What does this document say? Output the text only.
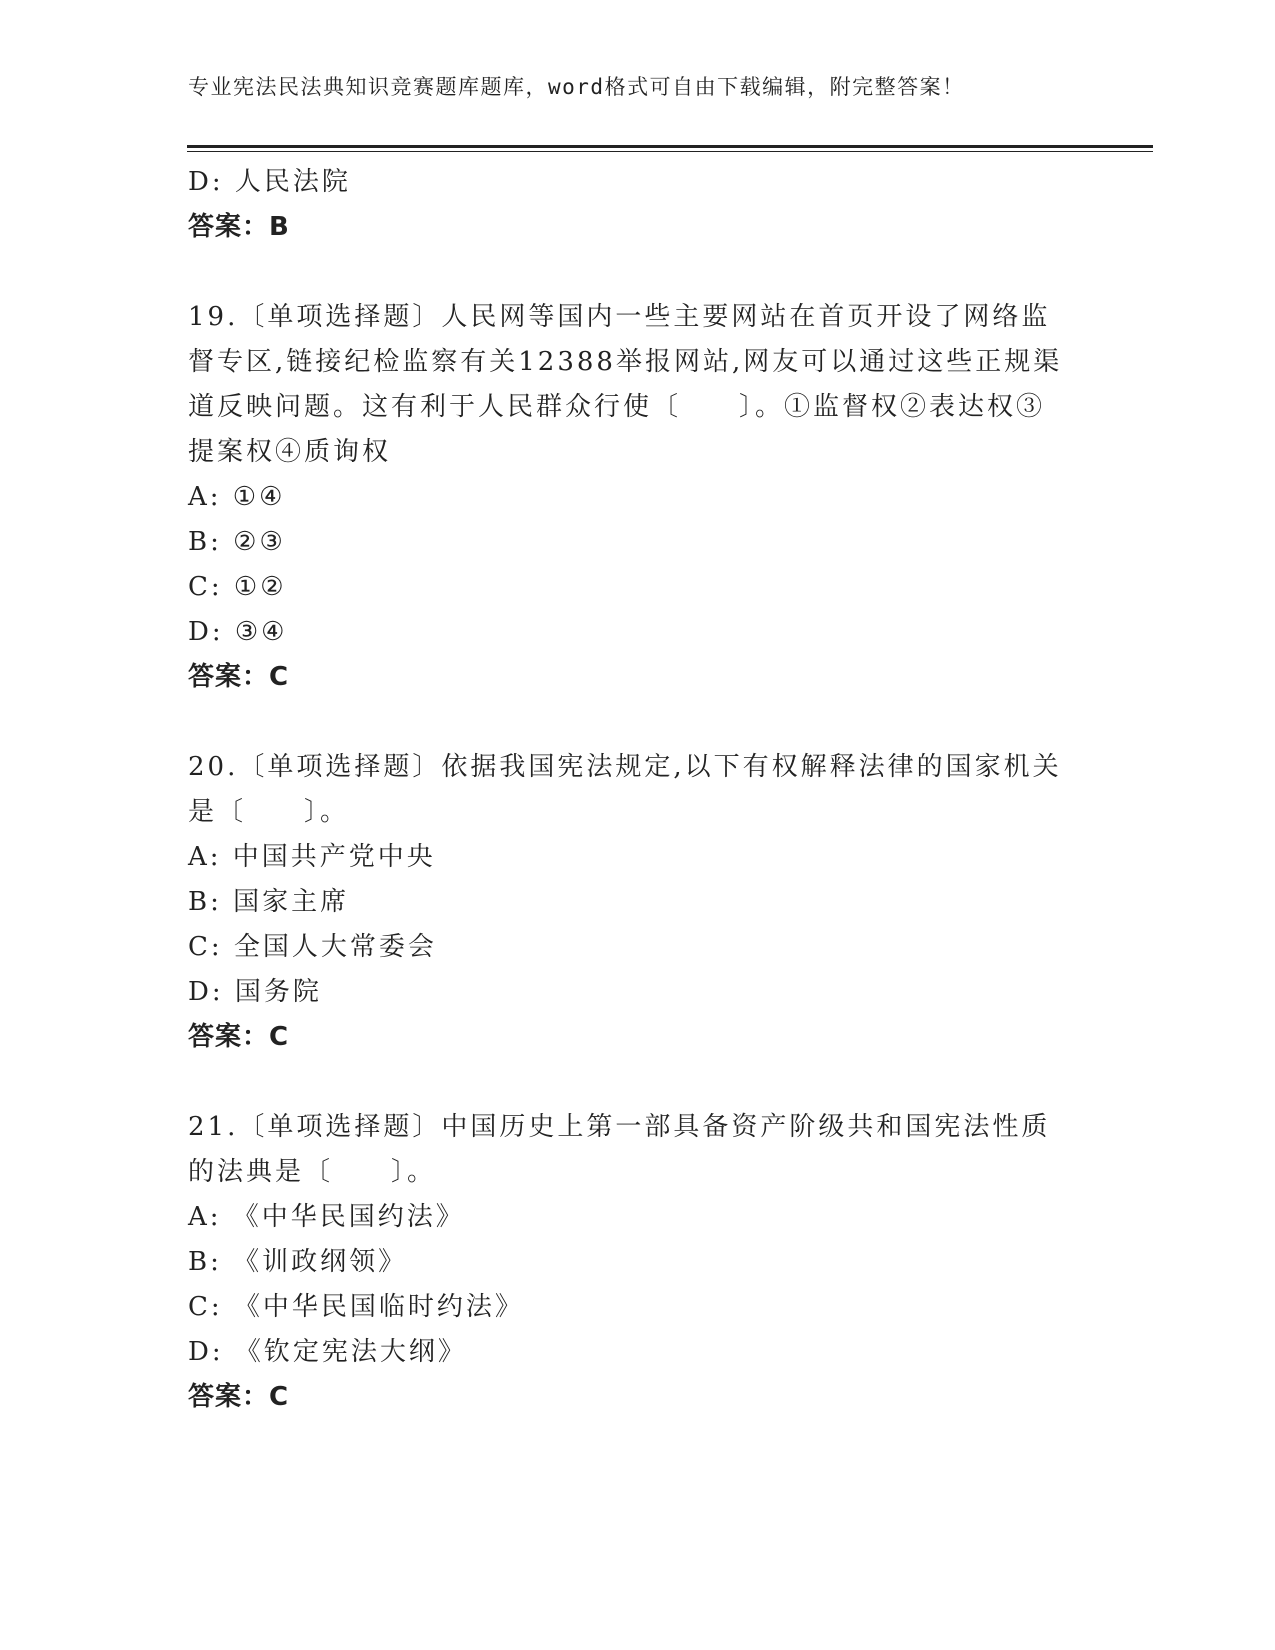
专业宪法民法典知识竞赛题库题库，word格式可自由下载编辑，附完整答案！
D: 人民法院
答案：B
19.〔单项选择题〕人民网等国内一些主要网站在首页开设了网络监督专区,链接纪检监察有关12388举报网站,网友可以通过这些正规渠道反映问题。这有利于人民群众行使〔　　〕。①监督权②表达权③提案权④质询权
A: ①④
B: ②③
C: ①②
D: ③④
答案：C
20.〔单项选择题〕依据我国宪法规定,以下有权解释法律的国家机关是〔　　〕。
A: 中国共产党中央
B: 国家主席
C: 全国人大常委会
D: 国务院
答案：C
21.〔单项选择题〕中国历史上第一部具备资产阶级共和国宪法性质的法典是〔　　〕。
A: 《中华民国约法》
B: 《训政纲领》
C: 《中华民国临时约法》
D: 《钦定宪法大纲》
答案：C
